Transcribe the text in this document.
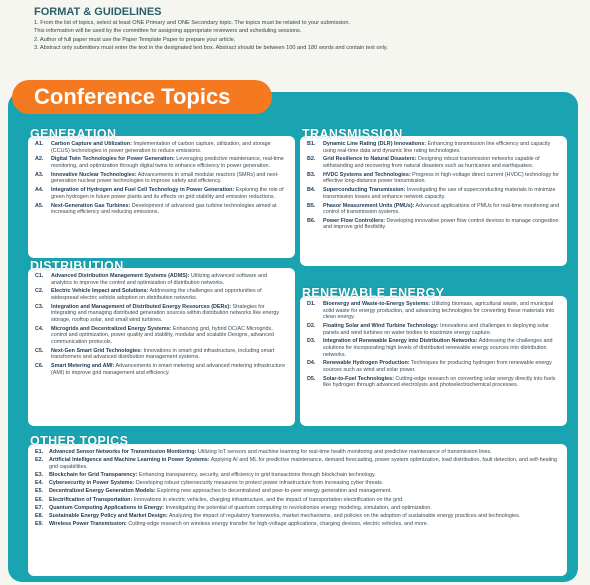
FORMAT & GUIDELINES
1. From the list of topics, select at least ONE Primary and ONE Secondary topic. The topics must be related to your submission.
This information will be used by the committee for assigning appropriate reviewers and scheduling sessions.
2. Author of full paper must use the Paper Template Paper to prepare your article.
3. Abstract only submitters must enter the text in the designated text box. Abstract should be between 100 and 180 words and contain text only.
Conference Topics
GENERATION
A1.	Carbon Capture and Utilization: Implementation of carbon capture, utilization, and storage (CCUS) technologies in power generation to reduce emissions.
A2.	Digital Twin Technologies for Power Generation: Leveraging predictive maintenance, real-time monitoring, and optimization through digital twins to enhance efficiency in power generation.
A3.	Innovative Nuclear Technologies: Advancements in small modular reactors (SMRs) and next-generation nuclear power technologies to improve safety and efficiency.
A4.	Integration of Hydrogen and Fuel Cell Technology in Power Generation: Exploring the role of green hydrogen in future power plants and its effects on grid stability and emission reductions.
A5.	Next-Generation Gas Turbines: Development of advanced gas turbine technologies aimed at increasing efficiency and reducing emissions.
TRANSMISSION
B1.	Dynamic Line Rating (DLR) Innovations: Enhancing transmission line efficiency and capacity using real-time data and dynamic line rating technologies.
B2.	Grid Resilience to Natural Disasters: Designing robust transmission networks capable of withstanding and recovering from natural disasters such as hurricanes and earthquakes.
B3.	HVDC Systems and Technologies: Progress in high-voltage direct current (HVDC) technology for effective long-distance power transmission.
B4.	Superconducting Transmission: Investigating the use of superconducting materials to minimize transmission losses and enhance network capacity.
B5.	Phasor Measurement Units (PMUs): Advanced applications of PMUs for real-time monitoring and control of transmission systems.
B6.	Power Flow Controllers: Developing innovative power flow control devices to manage congestion and improve grid flexibility.
DISTRIBUTION
C1.	Advanced Distribution Management Systems (ADMS): Utilizing advanced software and analytics to improve the control and optimization of distribution networks.
C2.	Electric Vehicle Impact and Solutions: Addressing the challenges and opportunities of widespread electric vehicle adoption on distribution networks.
C3.	Integration and Management of Distributed Energy Resources (DERs): Strategies for integrating and managing distributed generation sources within distribution networks like energy storage, rooftop solar, and small wind turbines.
C4.	Microgrids and Decentralized Energy Systems: Enhancing grid, hybrid DC/AC Microgrids, control and optimization, power quality and stability, modular and scalable Designs, advanced communication protocols.
C5.	Next-Gen Smart Grid Technologies: Innovations in smart grid infrastructure, including smart transformers and advanced distribution management systems.
C6.	Smart Metering and AMI: Advancements in smart metering and advanced metering infrastructure (AMI) to improve grid management and efficiency.
RENEWABLE ENERGY
D1.	Bioenergy and Waste-to-Energy Systems: Utilizing biomass, agricultural waste, and municipal solid waste for energy production, and advancing technologies for converting these materials into clean energy.
D2.	Floating Solar and Wind Turbine Technology: Innovations and challenges in deploying solar panels and wind turbines on water bodies to maximize energy capture.
D3.	Integration of Renewable Energy into Distribution Networks: Addressing the challenges and solutions for incorporating high levels of distributed renewable energy sources into distribution networks.
D4.	Renewable Hydrogen Production: Techniques for producing hydrogen from renewable energy sources such as wind and solar power.
D5.	Solar-to-Fuel Technologies: Cutting-edge research on converting solar energy directly into fuels like hydrogen through advanced electrolysis and photoelectrochemical processes.
OTHER TOPICS
E1.	Advanced Sensor Networks for Transmission Monitoring: Utilizing IoT sensors and machine learning for real-time health monitoring and predictive maintenance of transmission lines.
E2.	Artificial Intelligence and Machine Learning in Power Systems: Applying AI and ML for predictive maintenance, demand forecasting, power system optimization, load distribution, fault detection, and self-healing grid capabilities.
E3.	Blockchain for Grid Transparency: Enhancing transparency, security, and efficiency in grid transactions through blockchain technology.
E4.	Cybersecurity in Power Systems: Developing robust cybersecurity measures to protect power infrastructure from increasing cyber threats.
E5.	Decentralized Energy Generation Models: Exploring new approaches to decentralized and peer-to-peer energy generation and management.
E6.	Electrification of Transportation: Innovations in electric vehicles, charging infrastructure, and the impact of transportation electrification on the grid.
E7.	Quantum Computing Applications in Energy: Investigating the potential of quantum computing to revolutionize energy modeling, simulation, and optimization.
E8.	Sustainable Energy Policy and Market Design: Analyzing the impact of regulatory frameworks, market mechanisms, and policies on the adoption of sustainable energy practices and technologies.
E9.	Wireless Power Transmission: Cutting-edge research on wireless energy transfer for high-voltage applications, charging devices, electric vehicles, and more.
